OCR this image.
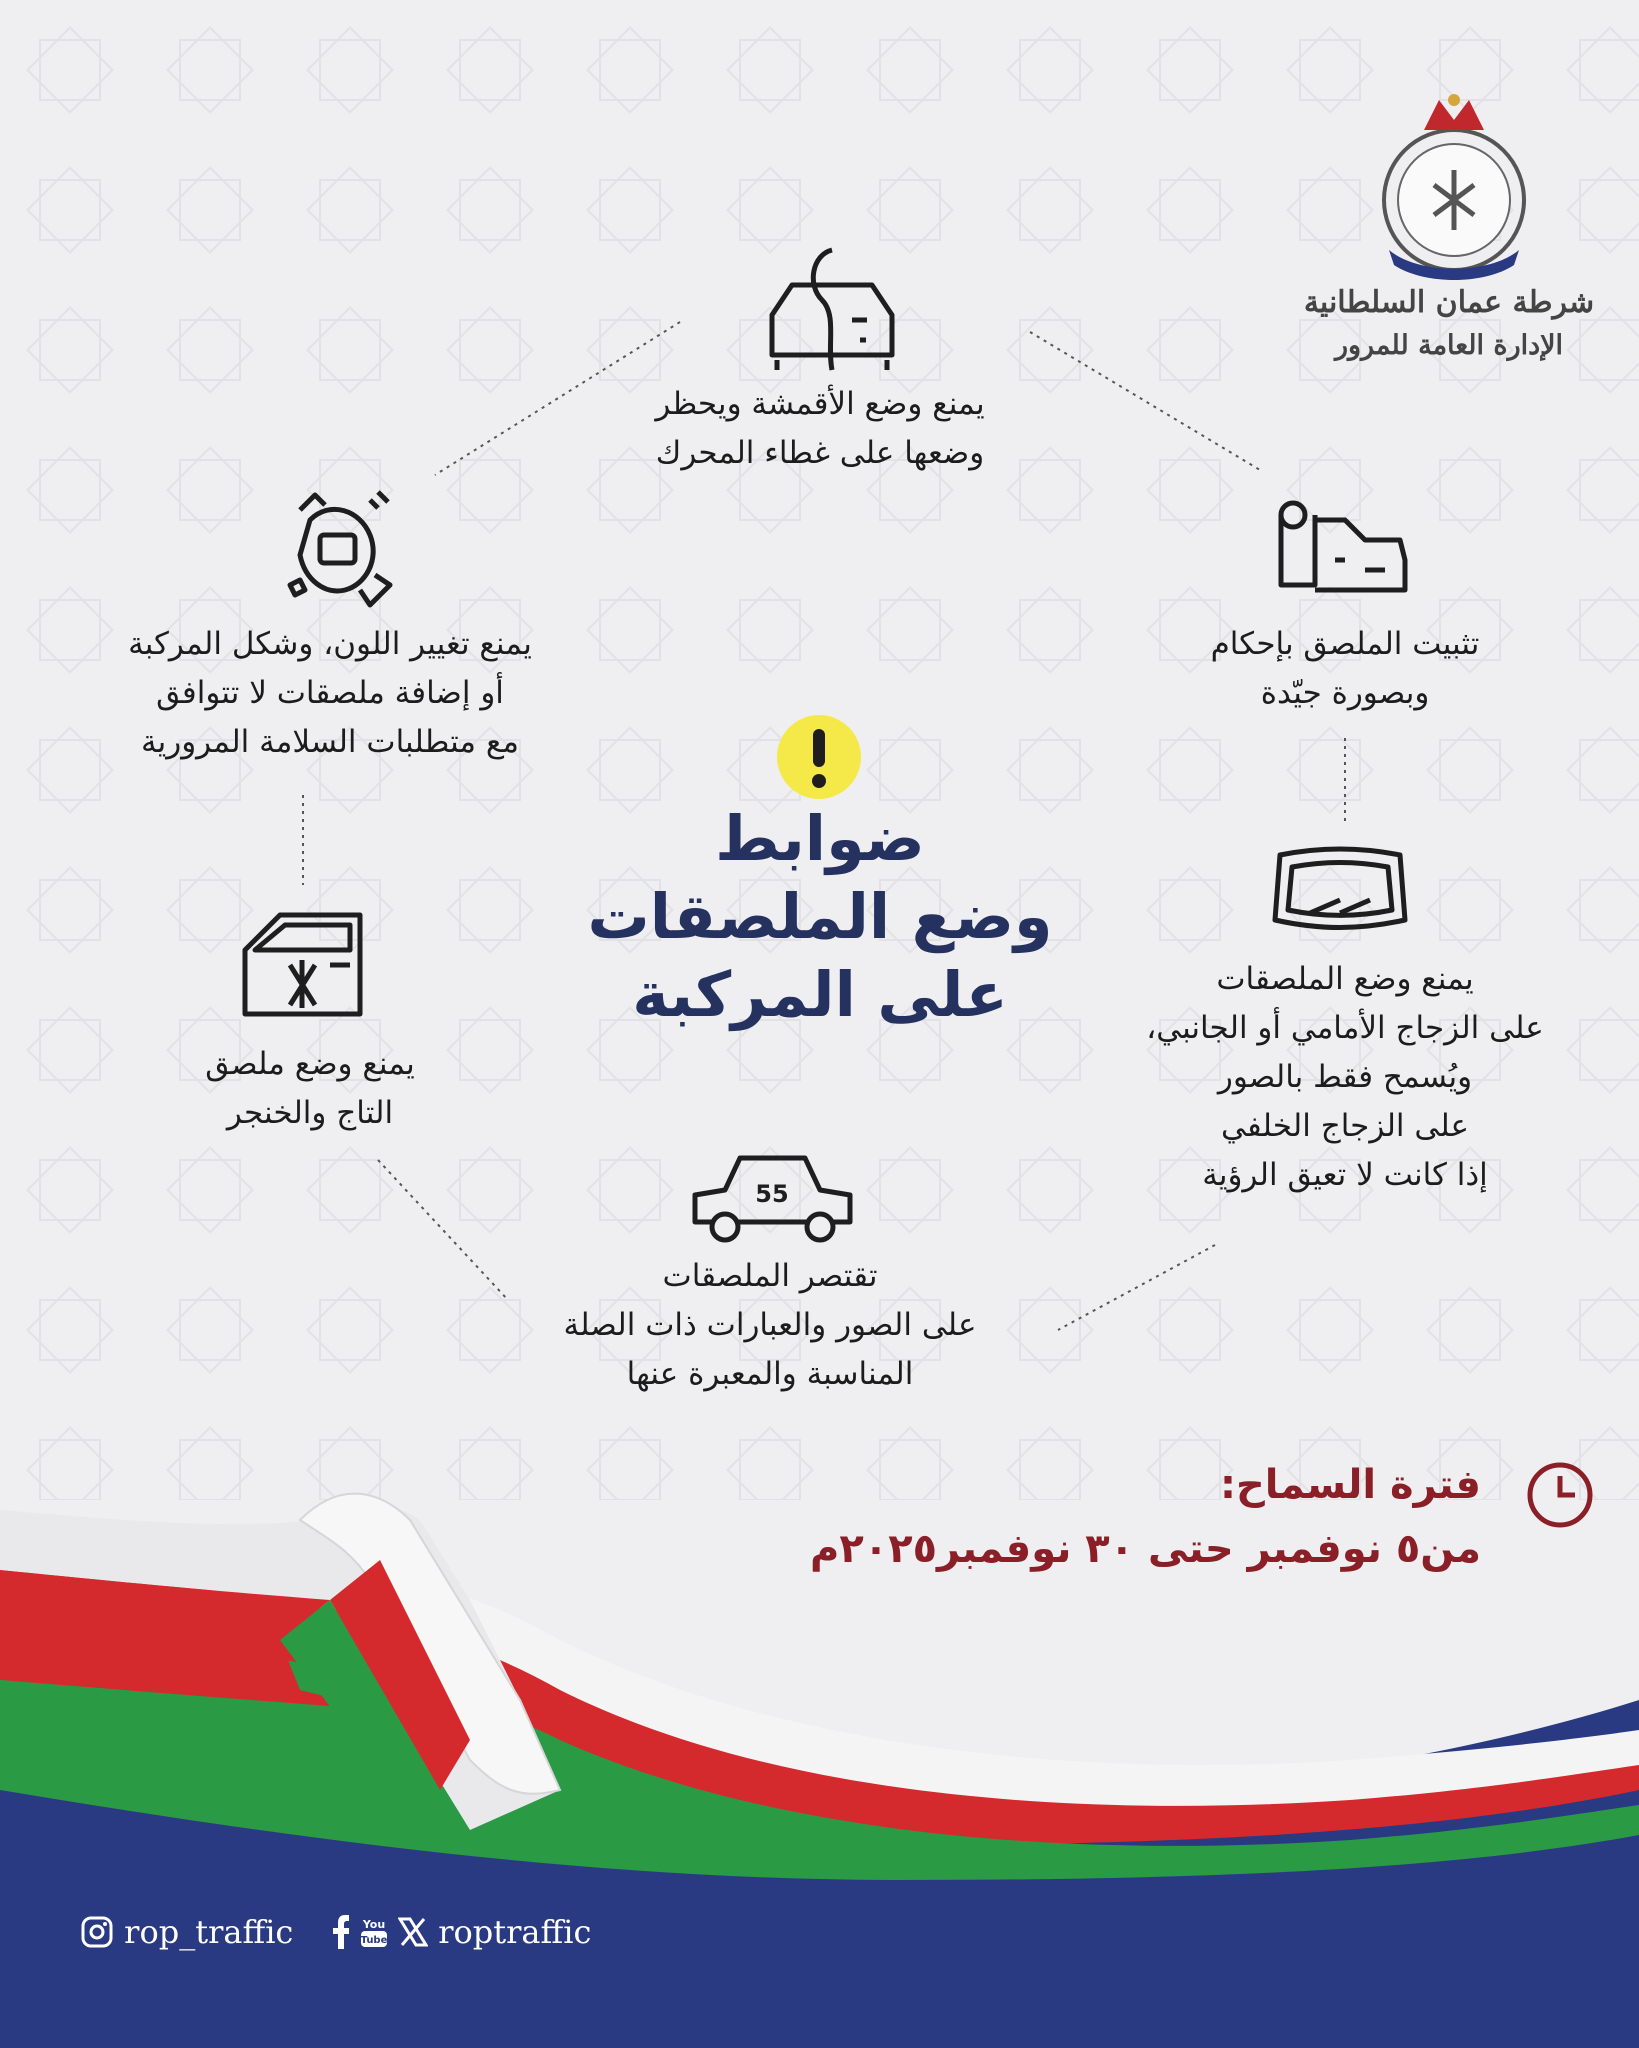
شرطة عمان السلطانية
الإدارة العامة للمرور
يمنع وضع الأقمشة ويحظر
وضعها على غطاء المحرك
يمنع تغيير اللون، وشكل المركبة
أو إضافة ملصقات لا تتوافق
مع متطلبات السلامة المرورية
تثبيت الملصق بإحكام
وبصورة جيّدة
ضوابط
وضع الملصقات
على المركبة	يمنع وضع الملصقات
على الزجاج الأمامي أو الجانبي،
ويُسمح فقط بالصور
على الزجاج الخلفي
إذا كانت لا تعيق الرؤية
يمنع وضع ملصق
التاج والخنجر
55
تقتصر الملصقات
على الصور والعبارات ذات الصلة
المناسبة والمعبرة عنها
فترة السماح:
من٥ نوفمبر حتى ٣٠ نوفمبر٢٠٢٥م
rop_traffic	You
Tube roptraffic
